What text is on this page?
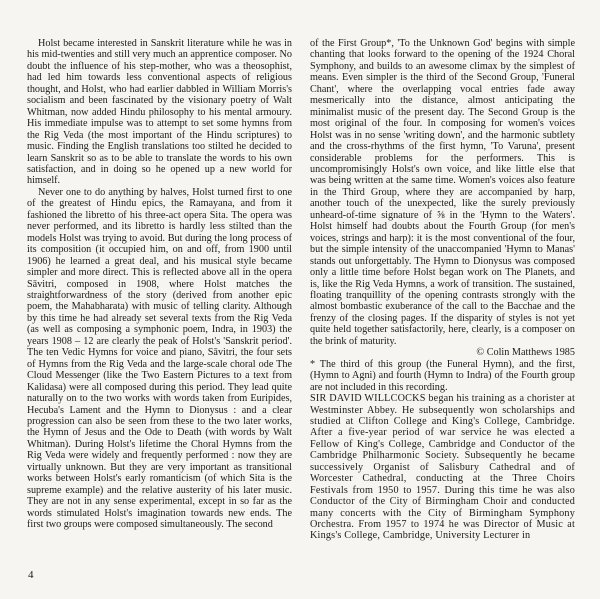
Holst became interested in Sanskrit literature while he was in his mid-twenties and still very much an apprentice composer. No doubt the influence of his step-mother, who was a theosophist, had led him towards less conventional aspects of religious thought, and Holst, who had earlier dabbled in William Morris's socialism and been fascinated by the visionary poetry of Walt Whitman, now added Hindu philosophy to his mental armoury. His immediate impulse was to attempt to set some hymns from the Rig Veda (the most important of the Hindu scriptures) to music. Finding the English translations too stilted he decided to learn Sanskrit so as to be able to translate the words to his own satisfaction, and in doing so he opened up a new world for himself.

Never one to do anything by halves, Holst turned first to one of the greatest of Hindu epics, the Ramayana, and from it fashioned the libretto of his three-act opera Sita. The opera was never performed, and its libretto is hardly less stilted than the models Holst was trying to avoid. But during the long process of its composition (it occupied him, on and off, from 1900 until 1906) he learned a great deal, and his musical style became simpler and more direct. This is reflected above all in the opera Sāvitri, composed in 1908, where Holst matches the straightforwardness of the story (derived from another epic poem, the Mahabharata) with music of telling clarity. Although by this time he had already set several texts from the Rig Veda (as well as composing a symphonic poem, Indra, in 1903) the years 1908 – 12 are clearly the peak of Holst's 'Sanskrit period'. The ten Vedic Hymns for voice and piano, Sāvitri, the four sets of Hymns from the Rig Veda and the large-scale choral ode The Cloud Messenger (like the Two Eastern Pictures to a text from Kalidasa) were all composed during this period. They lead quite naturally on to the two works with words taken from Euripides, Hecuba's Lament and the Hymn to Dionysus : and a clear progression can also be seen from these to the two later works, the Hymn of Jesus and the Ode to Death (with words by Walt Whitman). During Holst's lifetime the Choral Hymns from the Rig Veda were widely and frequently performed : now they are virtually unknown. But they are very important as transitional works between Holst's early romanticism (of which Sita is the supreme example) and the relative austerity of his later music. They are not in any sense experimental, except in so far as the words stimulated Holst's imagination towards new ends. The first two groups were composed simultaneously. The second

of the First Group*, 'To the Unknown God' begins with simple chanting that looks forward to the opening of the 1924 Choral Symphony, and builds to an awesome climax by the simplest of means. Even simpler is the third of the Second Group, 'Funeral Chant', where the overlapping vocal entries fade away mesmerically into the distance, almost anticipating the minimalist music of the present day. The Second Group is the most original of the four. In composing for women's voices Holst was in no sense 'writing down', and the harmonic subtlety and the cross-rhythms of the first hymn, 'To Varuna', present considerable problems for the performers. This is uncompromisingly Holst's own voice, and like little else that was being written at the same time. Women's voices also feature in the Third Group, where they are accompanied by harp, another touch of the unexpected, like the surely previously unheard-of-time signature of ⅝ in the 'Hymn to the Waters'. Holst himself had doubts about the Fourth Group (for men's voices, strings and harp): it is the most conventional of the four, but the simple intensity of the unaccompanied 'Hymn to Manas' stands out unforgettably. The Hymn to Dionysus was composed only a little time before Holst began work on The Planets, and is, like the Rig Veda Hymns, a work of transition. The sustained, floating tranquillity of the opening contrasts strongly with the almost bombastic exuberance of the call to the Bacchae and the frenzy of the closing pages. If the disparity of styles is not yet quite held together satisfactorily, here, clearly, is a composer on the brink of maturity.

© Colin Matthews 1985

* The third of this group (the Funeral Hymn), and the first, (Hymn to Agni) and fourth (Hymn to Indra) of the Fourth group are not included in this recording.

SIR DAVID WILLCOCKS began his training as a chorister at Westminster Abbey. He subsequently won scholarships and studied at Clifton College and King's College, Cambridge. After a five-year period of war service he was elected a Fellow of King's College, Cambridge and Conductor of the Cambridge Philharmonic Society. Subsequently he became successively Organist of Salisbury Cathedral and of Worcester Cathedral, conducting at the Three Choirs Festivals from 1950 to 1957. During this time he was also Conductor of the City of Birmingham Choir and conducted many concerts with the City of Birmingham Symphony Orchestra. From 1957 to 1974 he was Director of Music at Kings's College, Cambridge, University Lecturer in

4
